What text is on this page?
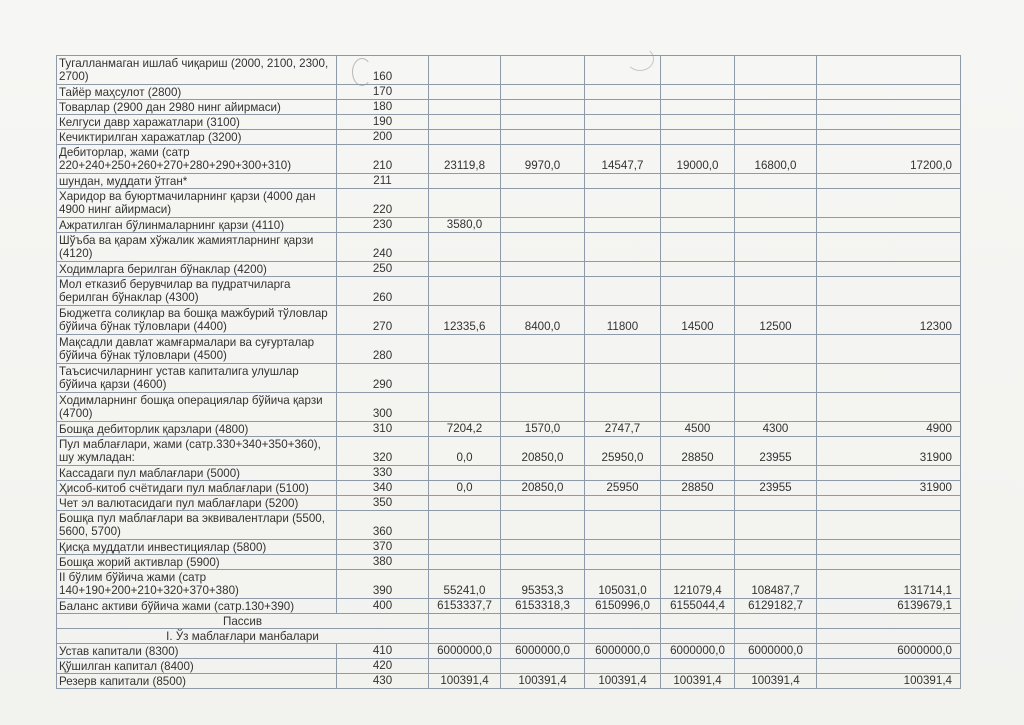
Тугалланмаган ишлаб чиқариш (2000, 2100, 2300, 2700)	160						
Тайёр маҳсулот (2800)	170						
Товарлар (2900 дан 2980 нинг айирмаси)	180						
Келгуси давр харажатлари (3100)	190						
Кечиктирилган харажатлар (3200)	200						
Дебиторлар, жами (сатр 220+240+250+260+270+280+290+300+310)	210	23119,8	9970,0	14547,7	19000,0	16800,0	17200,0
шундан, муддати ўтган*	211						
Харидор ва буюртмачиларнинг қарзи (4000 дан 4900 нинг айирмаси)	220						
Ажратилган бўлинмаларнинг қарзи (4110)	230	3580,0					
Шўъба ва қарам хўжалик жамиятларнинг қарзи (4120)	240						
Ходимларга берилган бўнаклар (4200)	250						
Мол етказиб берувчилар ва пудратчиларга берилган бўнаклар (4300)	260						
Бюджетга солиқлар ва бошқа мажбурий тўловлар бўйича бўнак тўловлари (4400)	270	12335,6	8400,0	11800	14500	12500	12300
Мақсадли давлат жамғармалари ва суғурталар бўйича бўнак тўловлари (4500)	280						
Таъсисчиларнинг устав капиталига улушлар бўйича қарзи (4600)	290						
Ходимларнинг бошқа операциялар бўйича қарзи (4700)	300						
Бошқа дебиторлик қарзлари (4800)	310	7204,2	1570,0	2747,7	4500	4300	4900
Пул маблағлари, жами (сатр.330+340+350+360), шу жумладан:	320	0,0	20850,0	25950,0	28850	23955	31900
Кассадаги пул маблағлари (5000)	330						
Ҳисоб-китоб счётидаги пул маблағлари (5100)	340	0,0	20850,0	25950	28850	23955	31900
Чет эл валютасидаги пул маблағлари (5200)	350						
Бошқа пул маблағлари ва эквивалентлари (5500, 5600, 5700)	360						
Қисқа муддатли инвестициялар (5800)	370						
Бошқа жорий активлар (5900)	380						
II бўлим бўйича жами (сатр 140+190+200+210+320+370+380)	390	55241,0	95353,3	105031,0	121079,4	108487,7	131714,1
Баланс активи бўйича жами (сатр.130+390)	400	6153337,7	6153318,3	6150996,0	6155044,4	6129182,7	6139679,1
Пассив							
I. Ўз маблағлари манбалари							
Устав капитали (8300)	410	6000000,0	6000000,0	6000000,0	6000000,0	6000000,0	6000000,0
Қўшилган капитал (8400)	420						
Резерв капитали (8500)	430	100391,4	100391,4	100391,4	100391,4	100391,4	100391,4
